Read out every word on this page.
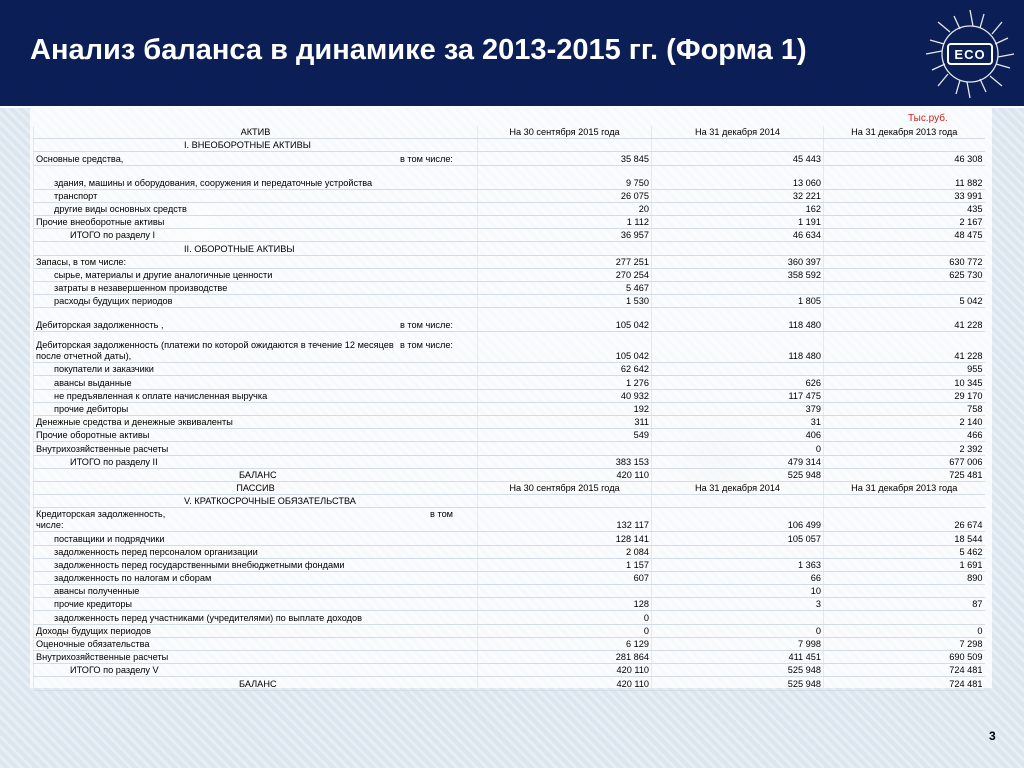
Анализ баланса в динамике за 2013-2015 гг. (Форма 1)	ECO
Тыс.руб.
АКТИВ	На 30 сентября 2015 года	На 31 декабря 2014	На 31 декабря 2013 года
I. ВНЕОБОРОТНЫЕ АКТИВЫ			

в том числе:
Основные средства,	35 845	45 443	46 308
здания, машины и оборудования, сооружения и передаточные устройства	9 750	13 060	11 882
транспорт	26 075	32 221	33 991
другие виды основных средств	20	162	435
Прочие внеоборотные активы	1 112	1 191	2 167
ИТОГО по разделу I	36 957	46 634	48 475
II. ОБОРОТНЫЕ АКТИВЫ			
Запасы, в том числе:	277 251	360 397	630 772
сырье, материалы и другие аналогичные ценности	270 254	358 592	625 730
затраты в незавершенном производстве	5 467		
расходы будущих периодов	1 530	1 805	5 042

в том числе:
Дебиторская задолженность ,	105 042	118 480	41 228

в том числе:
Дебиторская задолженность (платежи по которой ожидаются в течение 12 месяцев после отчетной даты),	105 042	118 480	41 228
покупатели и заказчики	62 642		955
авансы выданные	1 276	626	10 345
не предъявленная к оплате начисленная выручка	40 932	117 475	29 170
прочие дебиторы	192	379	758
Денежные средства и денежные эквиваленты	311	31	2 140
Прочие оборотные активы	549	406	466
Внутрихозяйственные расчеты		0	2 392
ИТОГО по разделу II	383 153	479 314	677 006
БАЛАНС	420 110	525 948	725 481
ПАССИВ	На 30 сентября 2015 года	На 31 декабря 2014	На 31 декабря 2013 года
V. КРАТКОСРОЧНЫЕ ОБЯЗАТЕЛЬСТВА			

в том
Кредиторская задолженность,
числе:	132 117	106 499	26 674
поставщики и подрядчики	128 141	105 057	18 544
задолженность перед персоналом организации	2 084		5 462
задолженность перед государственными внебюджетными фондами	1 157	1 363	1 691
задолженность по налогам и сборам	607	66	890
авансы полученные		10	
прочие кредиторы	128	3	87
задолженность перед участниками (учредителями) по выплате доходов	0		
Доходы будущих периодов	0	0	0
Оценочные обязательства	6 129	7 998	7 298
Внутрихозяйственные расчеты	281 864	411 451	690 509
ИТОГО по разделу V	420 110	525 948	724 481
БАЛАНС	420 110	525 948	724 481
3
